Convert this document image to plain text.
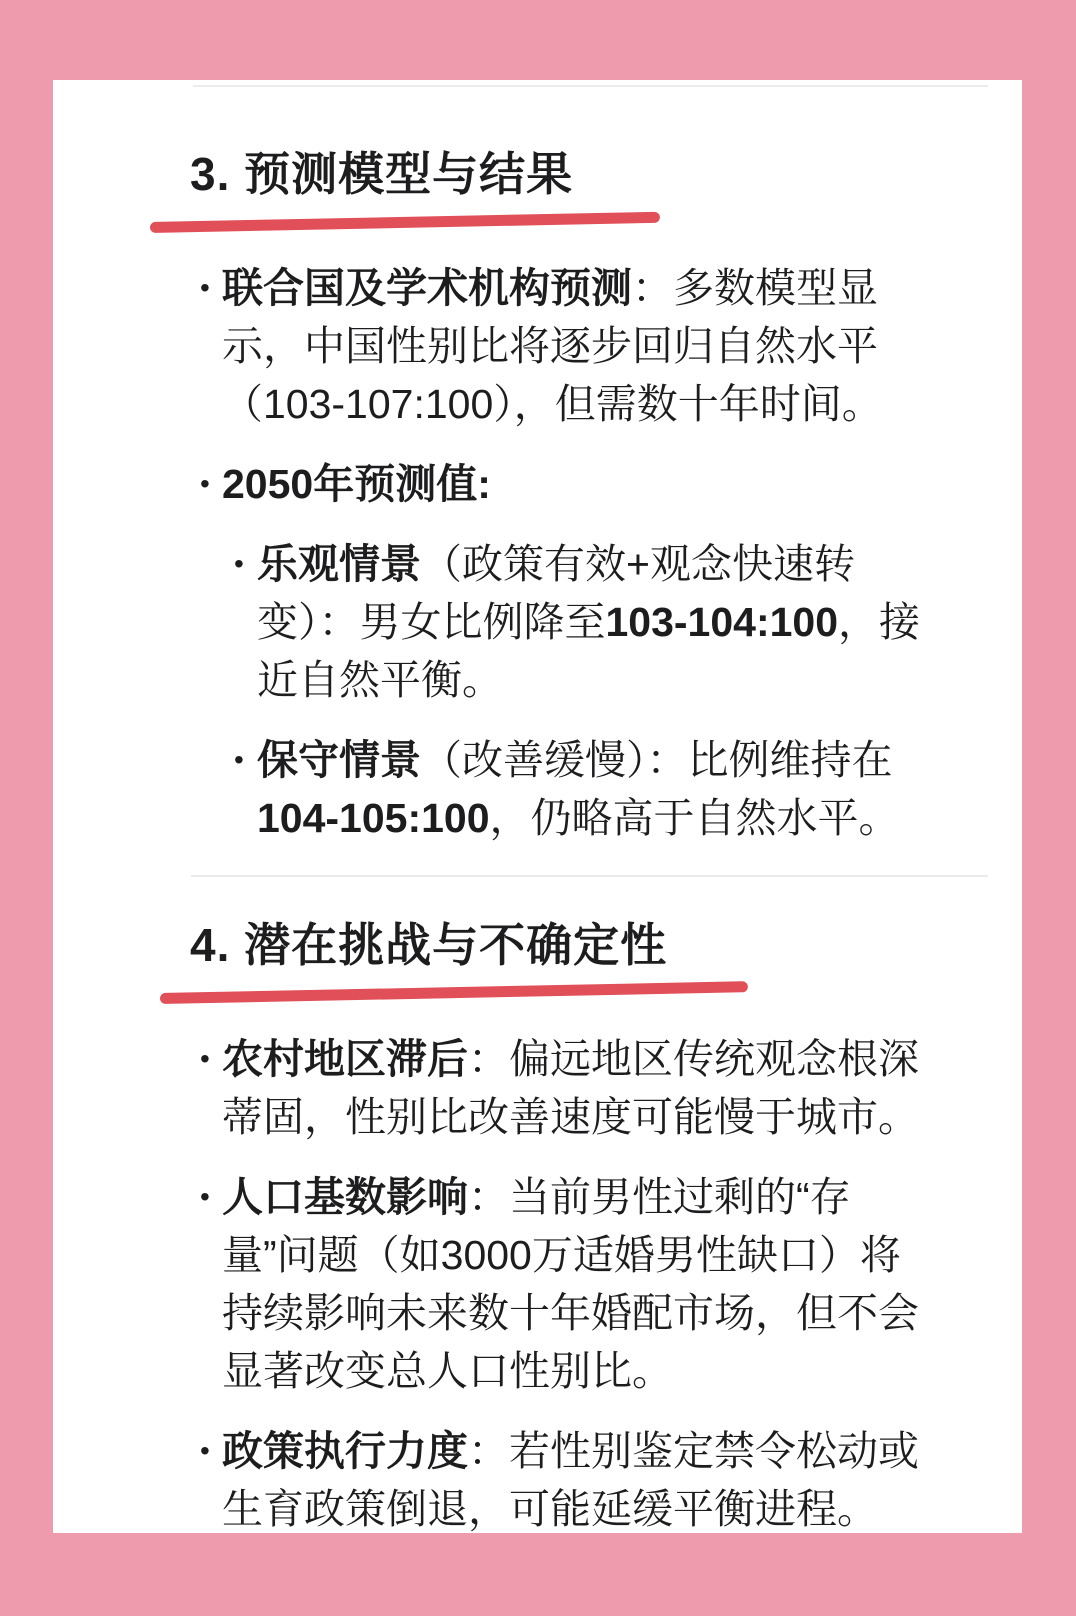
3. 预测模型与结果
• 联合国及学术机构预测：多数模型显示，中国性别比将逐步回归自然水平（103-107:100），但需数十年时间。

• 2050年预测值:

• 乐观情景（政策有效+观念快速转变）：男女比例降至103-104:100，接近自然平衡。

• 保守情景（改善缓慢）：比例维持在104-105:100，仍略高于自然水平。

4. 潜在挑战与不确定性
• 农村地区滞后：偏远地区传统观念根深蒂固，性别比改善速度可能慢于城市。

• 人口基数影响：当前男性过剩的“存量”问题（如3000万适婚男性缺口）将持续影响未来数十年婚配市场，但不会显著改变总人口性别比。

• 政策执行力度：若性别鉴定禁令松动或生育政策倒退，可能延缓平衡进程。
